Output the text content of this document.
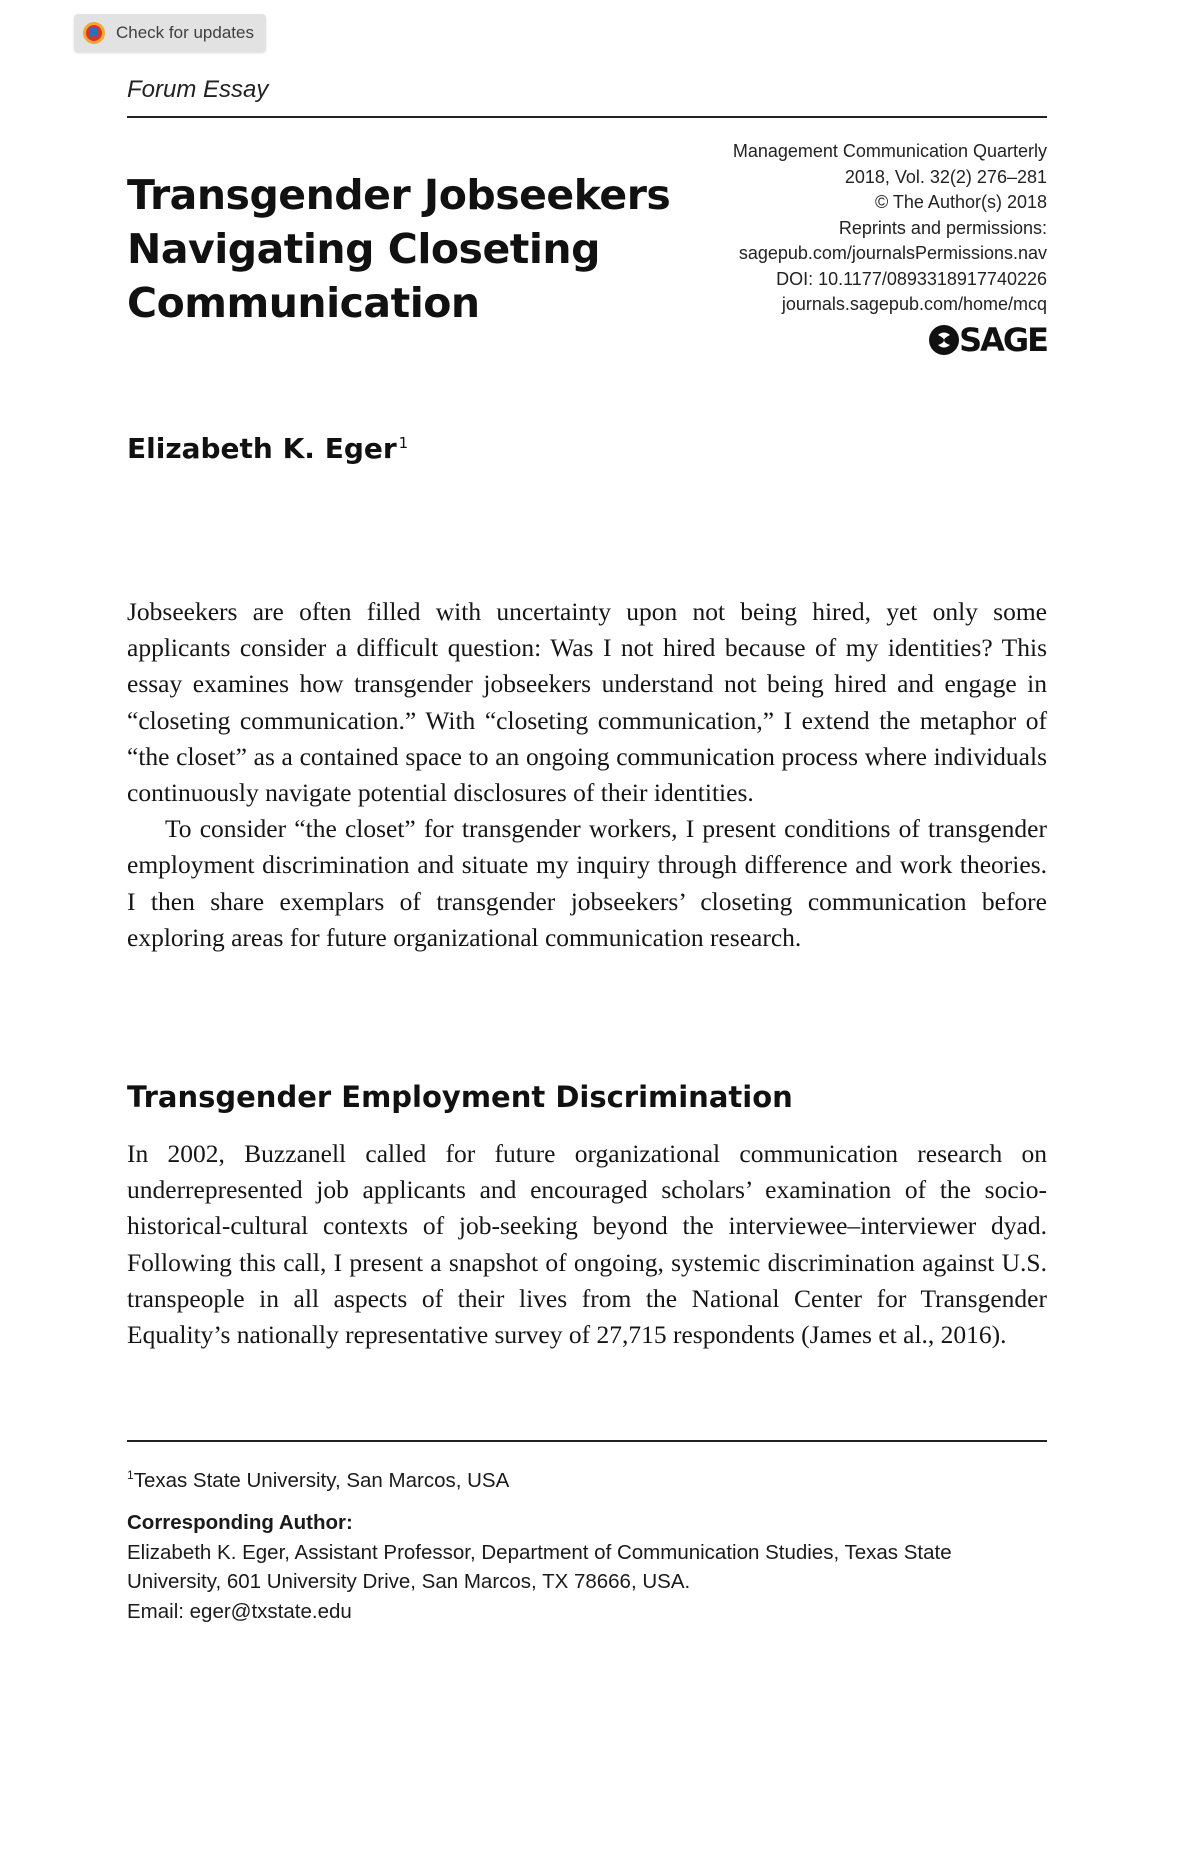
Check for updates
Forum Essay
Transgender Jobseekers
Navigating Closeting
Communication
Management Communication Quarterly
2018, Vol. 32(2) 276–281
© The Author(s) 2018
Reprints and permissions:
sagepub.com/journalsPermissions.nav
DOI: 10.1177/0893318917740226
journals.sagepub.com/home/mcq
SAGE
Elizabeth K. Eger $^1$

Jobseekers are often filled with uncertainty upon not being hired, yet only some applicants consider a difficult question: Was I not hired because of my identities? This essay examines how transgender jobseekers understand not being hired and engage in “closeting communication.” With “closeting communication,” I extend the metaphor of “the closet” as a contained space to an ongoing communication process where individuals continuously navigate potential disclosures of their identities.

To consider “the closet” for transgender workers, I present conditions of transgender employment discrimination and situate my inquiry through difference and work theories. I then share exemplars of transgender jobseekers’ closeting communication before exploring areas for future organizational communication research.

Transgender Employment Discrimination

In 2002, Buzzanell called for future organizational communication research on underrepresented job applicants and encouraged scholars’ examination of the socio-historical-cultural contexts of job-seeking beyond the interviewee–interviewer dyad. Following this call, I present a snapshot of ongoing, systemic discrimination against U.S. transpeople in all aspects of their lives from the National Center for Transgender Equality’s nationally representative survey of 27,715 respondents (James et al., 2016).

$^1$Texas State University, San Marcos, USA
Corresponding Author:
Elizabeth K. Eger, Assistant Professor, Department of Communication Studies, Texas State
University, 601 University Drive, San Marcos, TX 78666, USA.
Email: eger@txstate.edu
